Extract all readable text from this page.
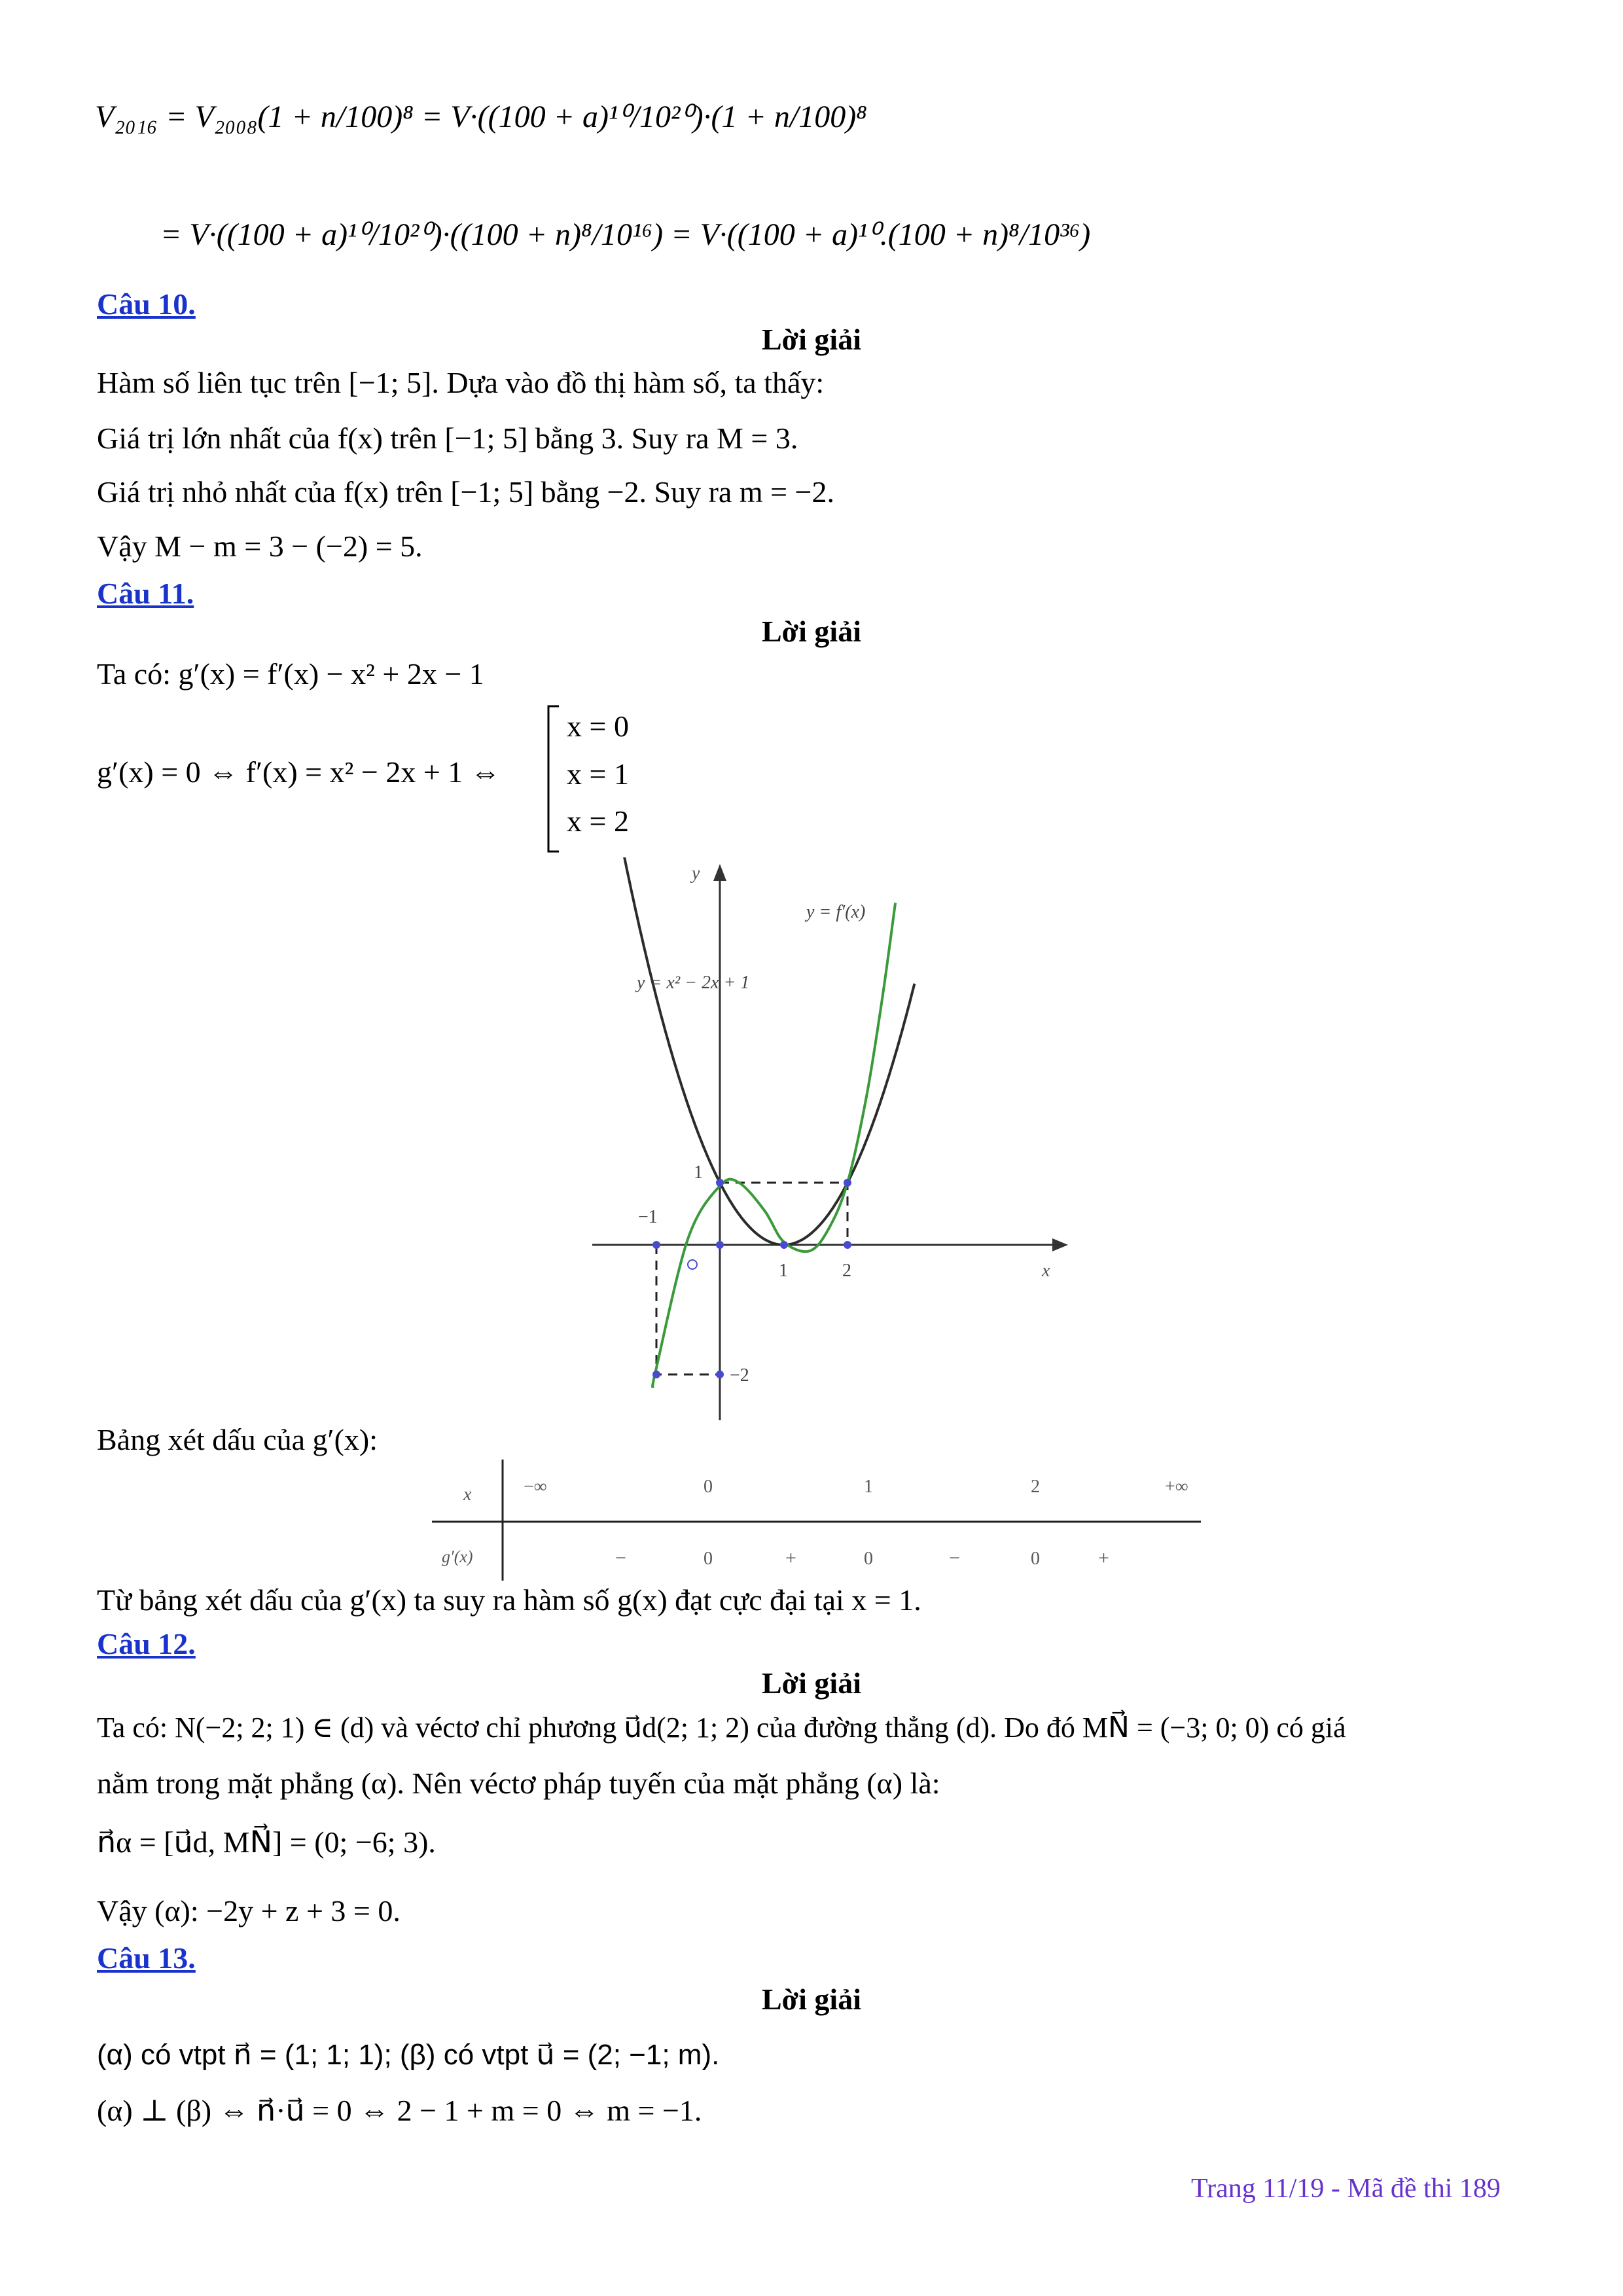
V₂₀₁₆ = V₂₀₀₈(1 + n/100)⁸ = V·((100 + a)¹⁰/10²⁰)·(1 + n/100)⁸
= V·((100 + a)¹⁰/10²⁰)·((100 + n)⁸/10¹⁶) = V·((100 + a)¹⁰.(100 + n)⁸/10³⁶)
Câu 10.
Lời giải
Hàm số liên tục trên [−1; 5]. Dựa vào đồ thị hàm số, ta thấy:
Giá trị lớn nhất của f(x) trên [−1; 5] bằng 3. Suy ra M = 3.
Giá trị nhỏ nhất của f(x) trên [−1; 5] bằng −2. Suy ra m = −2.
Vậy M − m = 3 − (−2) = 5.
Câu 11.
Lời giải
Ta có: g′(x) = f′(x) − x² + 2x − 1
g′(x) = 0 ⇔ f′(x) = x² − 2x + 1 ⇔
x = 0
x = 1
x = 2
y
x
y = f′(x)
y = x² − 2x + 1
1
−1
1	2
−2
Bảng xét dấu của g′(x):
x
g′(x)
−∞	0	1	2	+∞
−	0	+	0	−	0	+
Từ bảng xét dấu của g′(x) ta suy ra hàm số g(x) đạt cực đại tại x = 1.
Câu 12.
Lời giải
Ta có: N(−2; 2; 1) ∈ (d) và véctơ chỉ phương u⃗d(2; 1; 2) của đường thẳng (d). Do đó MN⃗ = (−3; 0; 0) có giá
nằm trong mặt phẳng (α). Nên véctơ pháp tuyến của mặt phẳng (α) là:
n⃗α = [u⃗d, MN⃗] = (0; −6; 3).
Vậy (α): −2y + z + 3 = 0.
Câu 13.
Lời giải
(α) có vtpt n⃗ = (1; 1; 1); (β) có vtpt u⃗ = (2; −1; m).
(α) ⊥ (β) ⇔ n⃗·u⃗ = 0 ⇔ 2 − 1 + m = 0 ⇔ m = −1.
Trang 11/19 - Mã đề thi 189
